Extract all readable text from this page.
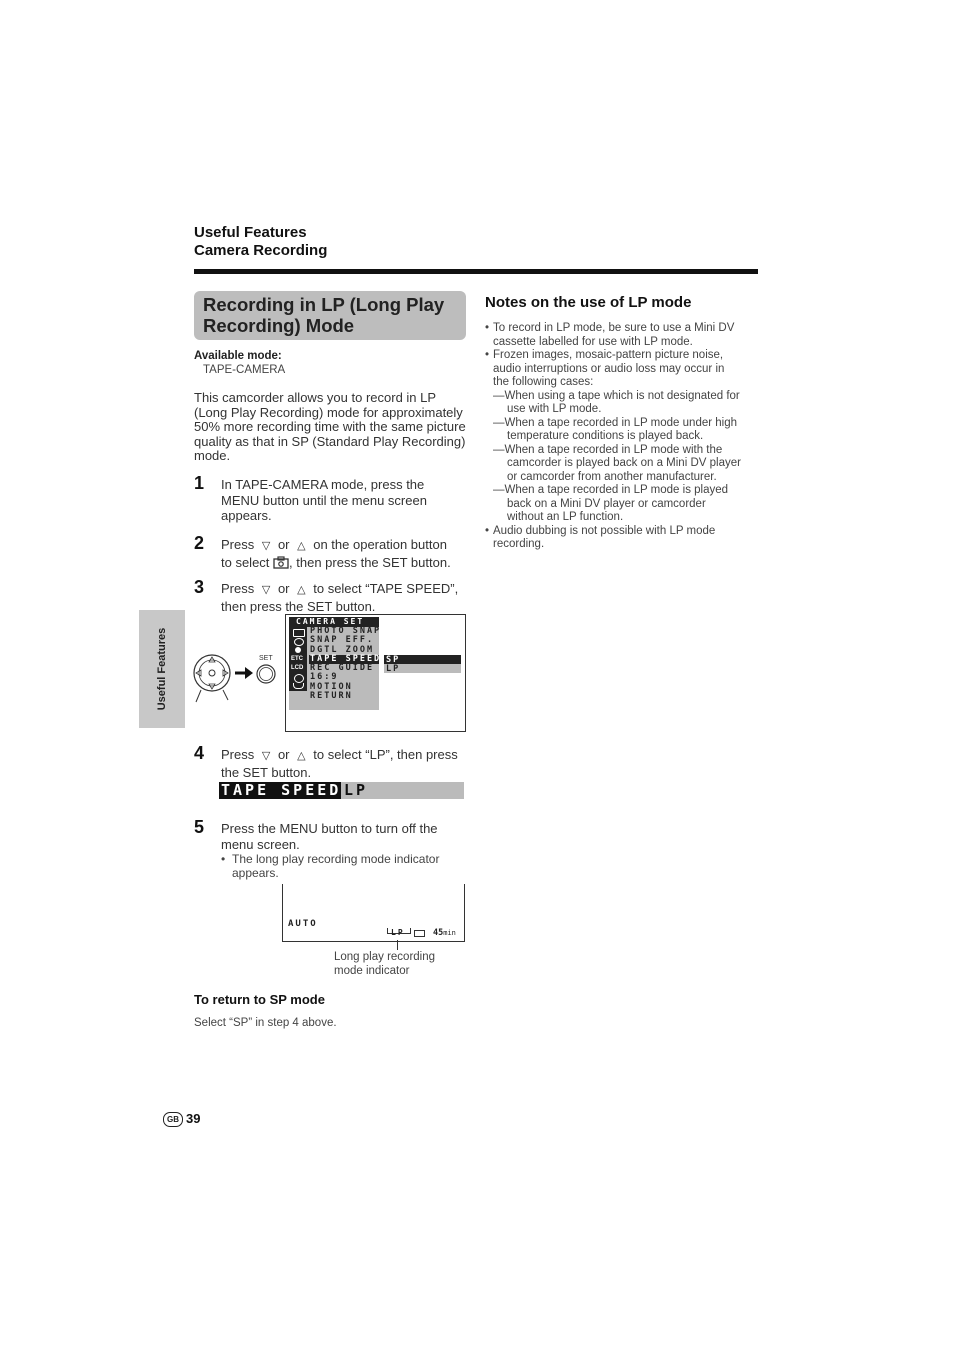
Useful Features
Camera Recording
Useful Features
Recording in LP (Long Play Recording) Mode
Available mode:
TAPE-CAMERA
This camcorder allows you to record in LP
(Long Play Recording) mode for approximately
50% more recording time with the same picture
quality as that in SP (Standard Play Recording)
mode.
1 In TAPE-CAMERA mode, press the
MENU button until the menu screen
appears.
2 Press ▽ or △ on the operation button
to select , then press the SET button.
3 Press ▽ or △ to select “TAPE SPEED”,
then press the SET button.
SET
CAMERA SET
ETC
LCD
PHOTO SNAP
SNAP EFF.
DGTL ZOOM
TAPE SPEED
REC GUIDE
16:9
MOTION
RETURN
SP
LP
4 Press ▽ or △ to select “LP”, then press
the SET button.
TAPE SPEED LP
5 Press the MENU button to turn off the
menu screen.
• The long play recording mode indicator
appears.
AUTO
LP	45min
Long play recording
mode indicator
To return to SP mode
Select “SP” in step 4 above.
Notes on the use of LP mode
• To record in LP mode, be sure to use a Mini DV
cassette labelled for use with LP mode.
• Frozen images, mosaic-pattern picture noise,
audio interruptions or audio loss may occur in
the following cases:
—When using a tape which is not designated for
use with LP mode.
—When a tape recorded in LP mode under high
temperature conditions is played back.
—When a tape recorded in LP mode with the
camcorder is played back on a Mini DV player
or camcorder from another manufacturer.
—When a tape recorded in LP mode is played
back on a Mini DV player or camcorder
without an LP function.
• Audio dubbing is not possible with LP mode
recording.
GB 39
